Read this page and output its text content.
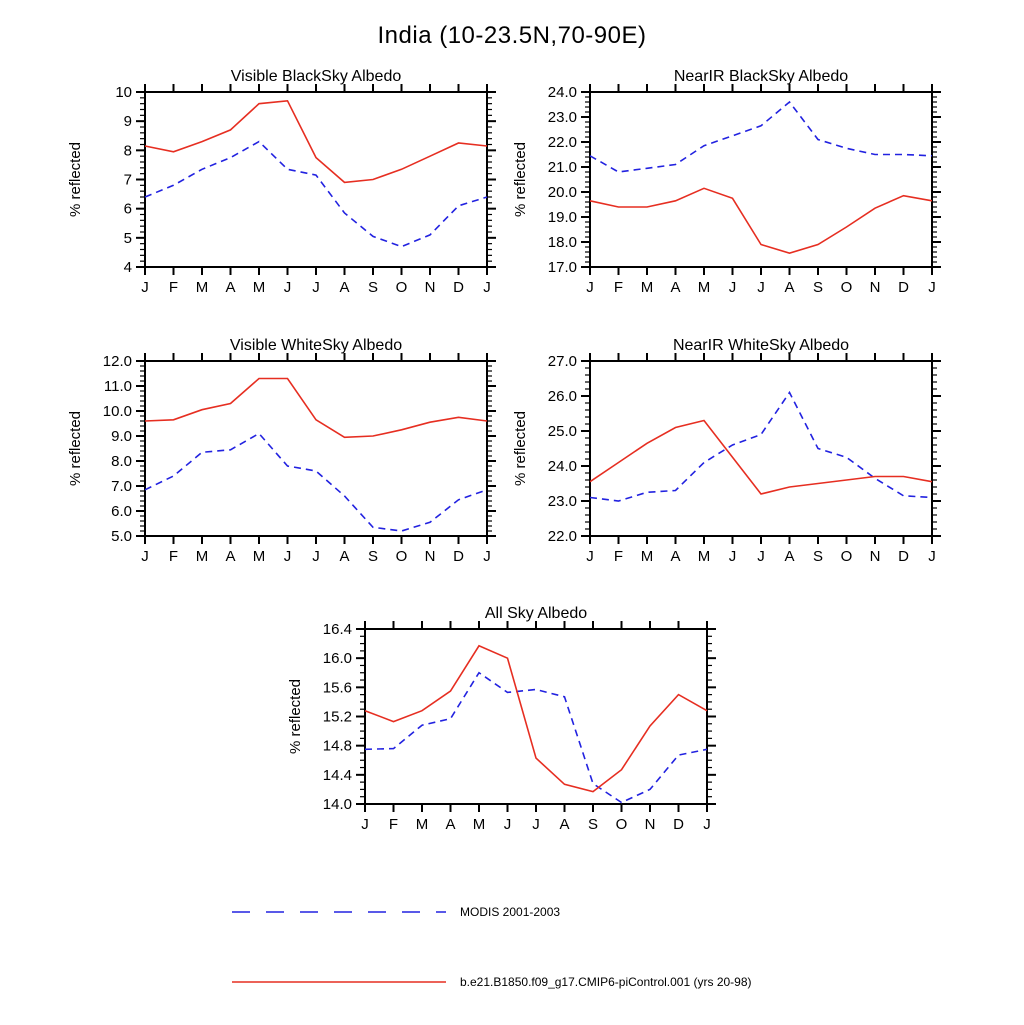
India (10-23.5N,70-90E)
J F M A M J J A S O N D J
4
5
6
7
8
9
10
Visible BlackSky Albedo
% reflected
J F M A M J J A S O N D J
17.0
18.0
19.0
20.0
21.0
22.0
23.0
24.0
NearIR BlackSky Albedo
% reflected
J F M A M J J A S O N D J
5.0
6.0
7.0
8.0
9.0
10.0
11.0
12.0
Visible WhiteSky Albedo
% reflected
J F M A M J J A S O N D J
22.0
23.0
24.0
25.0
26.0
27.0
NearIR WhiteSky Albedo
% reflected
J F M A M J J A S O N D J
14.0
14.4
14.8
15.2
15.6
16.0
16.4
All Sky Albedo
% reflected
MODIS 2001-2003
b.e21.B1850.f09_g17.CMIP6-piControl.001 (yrs 20-98)
